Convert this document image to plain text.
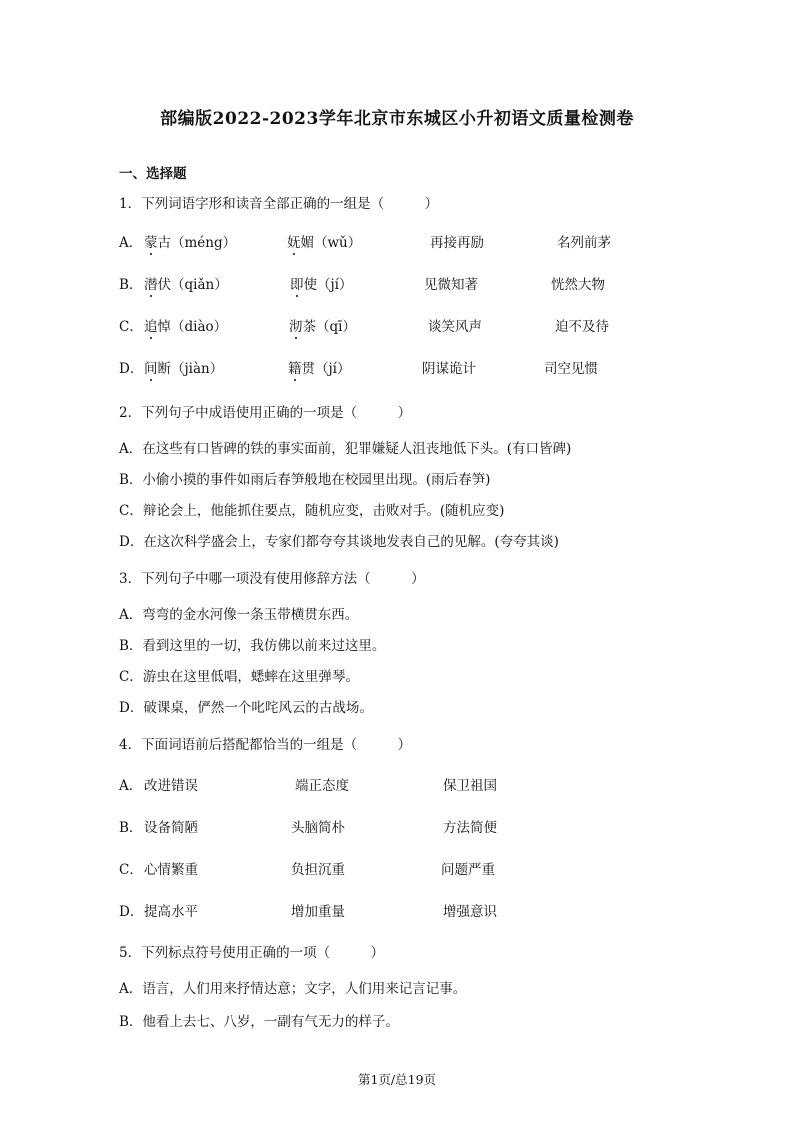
部编版2022-2023学年北京市东城区小升初语文质量检测卷
一、选择题
1．下列词语字形和读音全部正确的一组是（　　　）
A． 蒙古（méng）	妩媚（wǔ）	再接再励	名列前茅
B． 潜伏（qiǎn）	即使（jí）	见微知著	恍然大物
C． 追悼（diào）	沏茶（qī）	谈笑风声	迫不及待
D． 间断（jiàn）	籍贯（jí）	阴谋诡计	司空见惯
2．下列句子中成语使用正确的一项是（　　　）
A．在这些有口皆碑的铁的事实面前，犯罪嫌疑人沮丧地低下头。(有口皆碑)
B．小偷小摸的事件如雨后春笋般地在校园里出现。(雨后春笋)
C．辩论会上，他能抓住要点，随机应变，击败对手。(随机应变)
D．在这次科学盛会上，专家们都夸夸其谈地发表自己的见解。(夸夸其谈)
3．下列句子中哪一项没有使用修辞方法（　　　）
A．弯弯的金水河像一条玉带横贯东西。
B．看到这里的一切，我仿佛以前来过这里。
C．游虫在这里低唱，蟋蟀在这里弹琴。
D．破课桌，俨然一个叱咤风云的古战场。
4．下面词语前后搭配都恰当的一组是（　　　）
A． 改进错误	端正态度	保卫祖国
B． 设备简陋	头脑简朴	方法简便
C． 心情繁重	负担沉重	问题严重
D． 提高水平	增加重量	增强意识
5．下列标点符号使用正确的一项（　　　）
A．语言，人们用来抒情达意；文字，人们用来记言记事。
B．他看上去七、八岁，一副有气无力的样子。
第1页/总19页
